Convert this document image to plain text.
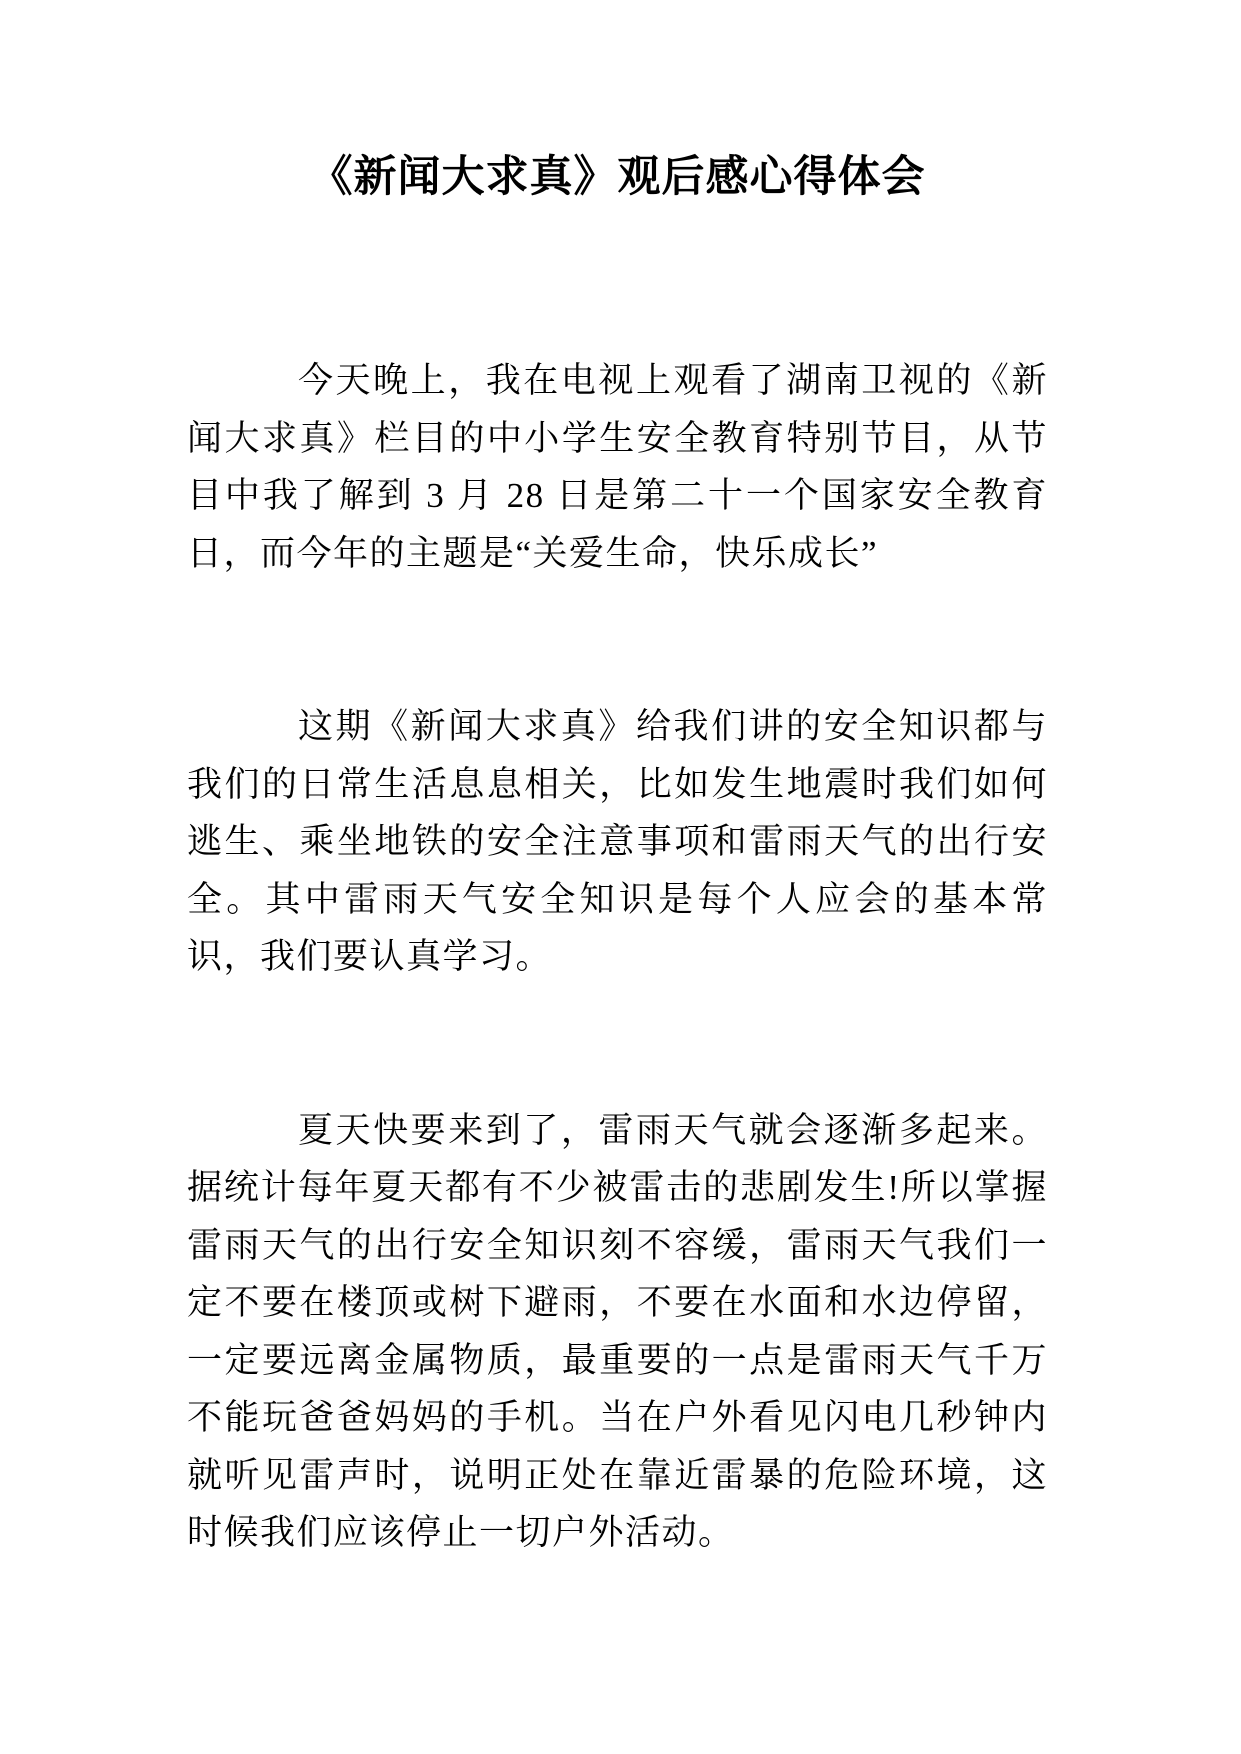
《新闻大求真》观后感心得体会

今天晚上，我在电视上观看了湖南卫视的《新闻大求真》栏目的中小学生安全教育特别节目，从节目中我了解到 3 月 28 日是第二十一个国家安全教育日，而今年的主题是“关爱生命，快乐成长”

这期《新闻大求真》给我们讲的安全知识都与我们的日常生活息息相关，比如发生地震时我们如何逃生、乘坐地铁的安全注意事项和雷雨天气的出行安全。其中雷雨天气安全知识是每个人应会的基本常识，我们要认真学习。

夏天快要来到了，雷雨天气就会逐渐多起来。据统计每年夏天都有不少被雷击的悲剧发生!所以掌握雷雨天气的出行安全知识刻不容缓，雷雨天气我们一定不要在楼顶或树下避雨，不要在水面和水边停留，一定要远离金属物质，最重要的一点是雷雨天气千万不能玩爸爸妈妈的手机。当在户外看见闪电几秒钟内就听见雷声时，说明正处在靠近雷暴的危险环境，这时候我们应该停止一切户外活动。
